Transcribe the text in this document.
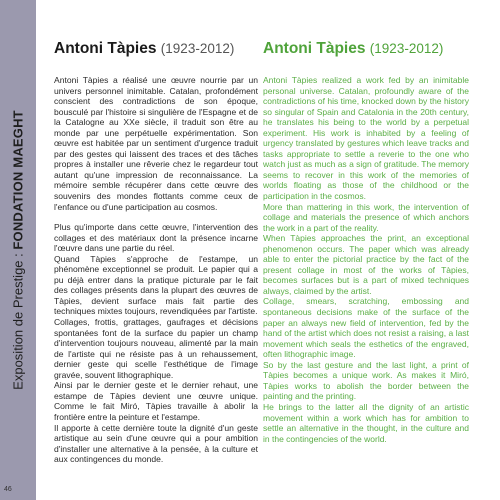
Exposition de Prestige : FONDATION MAEGHT
Antoni Tàpies (1923-2012)

Antoni Tàpies a réalisé une œuvre nourrie par un univers personnel inimitable. Catalan, profondément conscient des contradictions de son époque, bousculé par l'histoire si singulière de l'Espagne et de la Catalogne au XXe siècle, il traduit son être au monde par une perpétuelle expérimentation. Son œuvre est habitée par un sentiment d'urgence traduit par des gestes qui laissent des traces et des tâches propres à installer une rêverie chez le regardeur tout autant qu'une impression de reconnaissance. La mémoire semble récupérer dans cette œuvre des souvenirs des mondes flottants comme ceux de l'enfance ou d'une participation au cosmos.

Plus qu'importe dans cette œuvre, l'intervention des collages et des matériaux dont la présence incarne l'œuvre dans une partie du réel.

Quand Tàpies s'approche de l'estampe, un phénomène exceptionnel se produit. Le papier qui a pu déjà entrer dans la pratique picturale par le fait des collages présents dans la plupart des œuvres de Tàpies, devient surface mais fait partie des techniques mixtes toujours, revendiquées par l'artiste.

Collages, frottis, grattages, gaufrages et décisions spontanées font de la surface du papier un champ d'intervention toujours nouveau, alimenté par la main de l'artiste qui ne résiste pas à un rehaussement, dernier geste qui scelle l'esthétique de l'image gravée, souvent lithographique.

Ainsi par le dernier geste et le dernier rehaut, une estampe de Tàpies devient une œuvre unique. Comme le fait Miró, Tàpies travaille à abolir la frontière entre la peinture et l'estampe.

Il apporte à cette dernière toute la dignité d'un geste artistique au sein d'une œuvre qui a pour ambition d'installer une alternative à la pensée, à la culture et aux contingences du monde.

Antoni Tàpies (1923-2012)

Antoni Tàpies realized a work fed by an inimitable personal universe. Catalan, profoundly aware of the contradictions of his time, knocked down by the history so singular of Spain and Catalonia in the 20th century, he translates his being to the world by a perpetual experiment. His work is inhabited by a feeling of urgency translated by gestures which leave tracks and tasks appropriate to settle a reverie to the one who watch just as much as a sign of gratitude. The memory seems to recover in this work of the memories of worlds floating as those of the childhood or the participation in the cosmos.

More than mattering in this work, the intervention of collage and materials the presence of which anchors the work in a part of the reality.

When Tàpies approaches the print, an exceptional phenomenon occurs. The paper which was already able to enter the pictorial practice by the fact of the present collage in most of the works of Tàpies, becomes surfaces but is a part of mixed techniques always, claimed by the artist.

Collage, smears, scratching, embossing and spontaneous decisions make of the surface of the paper an always new field of intervention, fed by the hand of the artist which does not resist a raising, a last movement which seals the esthetics of the engraved, often lithographic image.

So by the last gesture and the last light, a print of Tàpies becomes a unique work. As makes it Miró, Tàpies works to abolish the border between the painting and the printing.

He brings to the latter all the dignity of an artistic movement within a work which has for ambition to settle an alternative in the thought, in the culture and in the contingencies of the world.

46
